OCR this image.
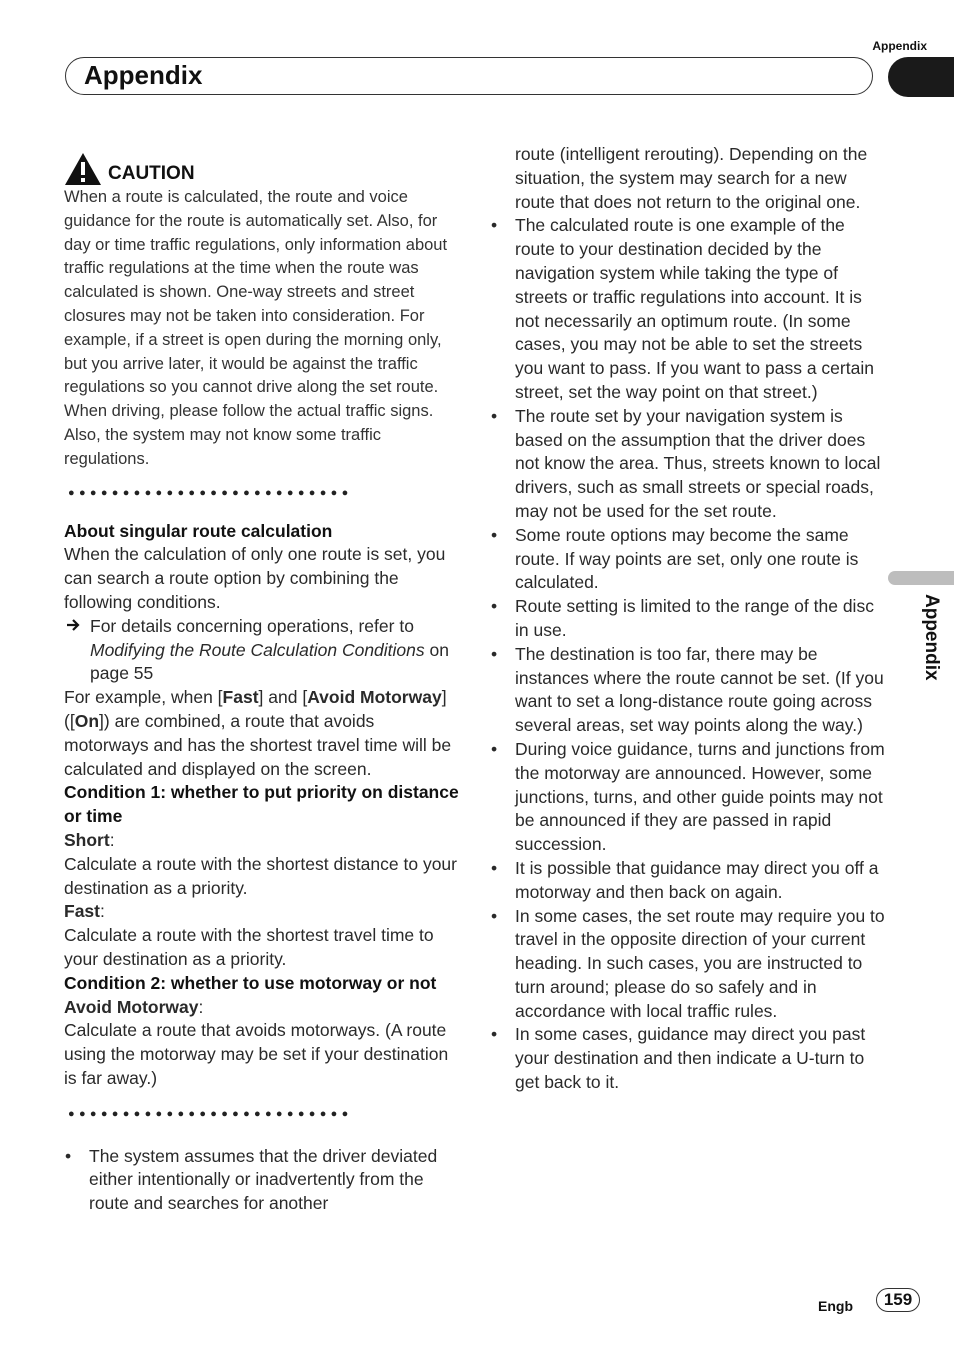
Appendix
Appendix
Appendix
CAUTION

When a route is calculated, the route and voice guidance for the route is automatically set. Also, for day or time traffic regulations, only information about traffic regulations at the time when the route was calculated is shown. One-way streets and street closures may not be taken into consideration. For example, if a street is open during the morning only, but you arrive later, it would be against the traffic regulations so you cannot drive along the set route. When driving, please follow the actual traffic signs. Also, the system may not know some traffic regulations.

●●●●●●●●●●●●●●●●●●●●●●●●●●

About singular route calculation

When the calculation of only one route is set, you can search a route option by combining the following conditions.

For details concerning operations, refer to Modifying the Route Calculation Conditions on page 55

For example, when [Fast] and [Avoid Motorway] ([On]) are combined, a route that avoids motorways and has the shortest travel time will be calculated and displayed on the screen.

Condition 1: whether to put priority on distance or time

Short:

Calculate a route with the shortest distance to your destination as a priority.

Fast:

Calculate a route with the shortest travel time to your destination as a priority.

Condition 2: whether to use motorway or not

Avoid Motorway:

Calculate a route that avoids motorways. (A route using the motorway may be set if your destination is far away.)

●●●●●●●●●●●●●●●●●●●●●●●●●●
•	The system assumes that the driver deviated either intentionally or inadvertently from the route and searches for another

route (intelligent rerouting). Depending on the situation, the system may search for a new route that does not return to the original one.

•	The calculated route is one example of the route to your destination decided by the navigation system while taking the type of streets or traffic regulations into account. It is not necessarily an optimum route. (In some cases, you may not be able to set the streets you want to pass. If you want to pass a certain street, set the way point on that street.)

•	The route set by your navigation system is based on the assumption that the driver does not know the area. Thus, streets known to local drivers, such as small streets or special roads, may not be used for the set route.

•	Some route options may become the same route. If way points are set, only one route is calculated.

•	Route setting is limited to the range of the disc in use.

•	The destination is too far, there may be instances where the route cannot be set. (If you want to set a long-distance route going across several areas, set way points along the way.)

•	During voice guidance, turns and junctions from the motorway are announced. However, some junctions, turns, and other guide points may not be announced if they are passed in rapid succession.

•	It is possible that guidance may direct you off a motorway and then back on again.

•	In some cases, the set route may require you to travel in the opposite direction of your current heading. In such cases, you are instructed to turn around; please do so safely and in accordance with local traffic rules.

•	In some cases, guidance may direct you past your destination and then indicate a U-turn to get back to it.

Engb	159
